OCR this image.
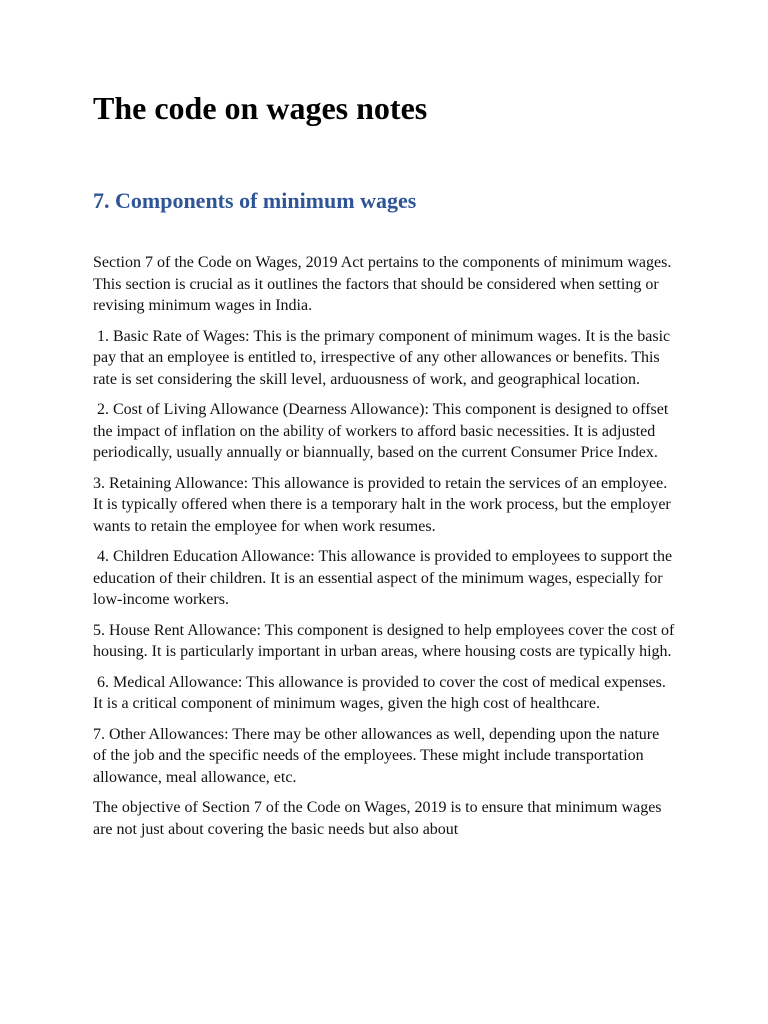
The code on wages notes
7. Components of minimum wages

Section 7 of the Code on Wages, 2019 Act pertains to the components of minimum wages. This section is crucial as it outlines the factors that should be considered when setting or revising minimum wages in India.

1. Basic Rate of Wages: This is the primary component of minimum wages. It is the basic pay that an employee is entitled to, irrespective of any other allowances or benefits. This rate is set considering the skill level, arduousness of work, and geographical location.

2. Cost of Living Allowance (Dearness Allowance): This component is designed to offset the impact of inflation on the ability of workers to afford basic necessities. It is adjusted periodically, usually annually or biannually, based on the current Consumer Price Index.

3. Retaining Allowance: This allowance is provided to retain the services of an employee. It is typically offered when there is a temporary halt in the work process, but the employer wants to retain the employee for when work resumes.

4. Children Education Allowance: This allowance is provided to employees to support the education of their children. It is an essential aspect of the minimum wages, especially for low-income workers.

5. House Rent Allowance: This component is designed to help employees cover the cost of housing. It is particularly important in urban areas, where housing costs are typically high.

6. Medical Allowance: This allowance is provided to cover the cost of medical expenses. It is a critical component of minimum wages, given the high cost of healthcare.

7. Other Allowances: There may be other allowances as well, depending upon the nature of the job and the specific needs of the employees. These might include transportation allowance, meal allowance, etc.

The objective of Section 7 of the Code on Wages, 2019 is to ensure that minimum wages are not just about covering the basic needs but also about
